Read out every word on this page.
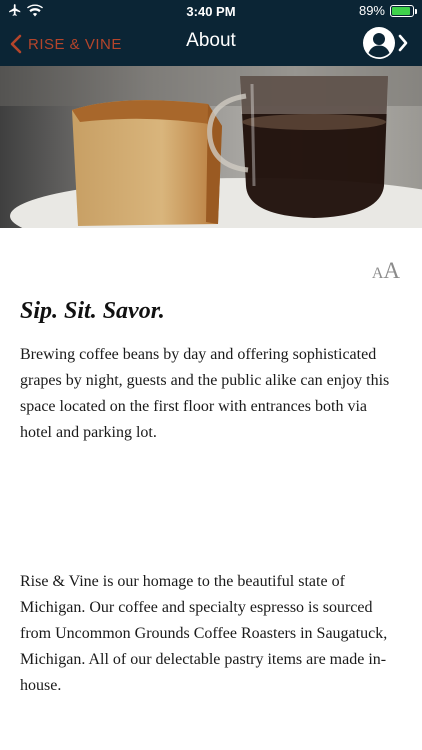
3:40 PM	89%
RISE & VINE	About
A A
Sip. Sit. Savor.

Brewing coffee beans by day and offering sophisticated grapes by night, guests and the public alike can enjoy this space located on the first floor with entrances both via hotel and parking lot.

Rise & Vine is our homage to the beautiful state of Michigan. Our coffee and specialty espresso is sourced from Uncommon Grounds Coffee Roasters in Saugatuck, Michigan. All of our delectable pastry items are made in-house.
